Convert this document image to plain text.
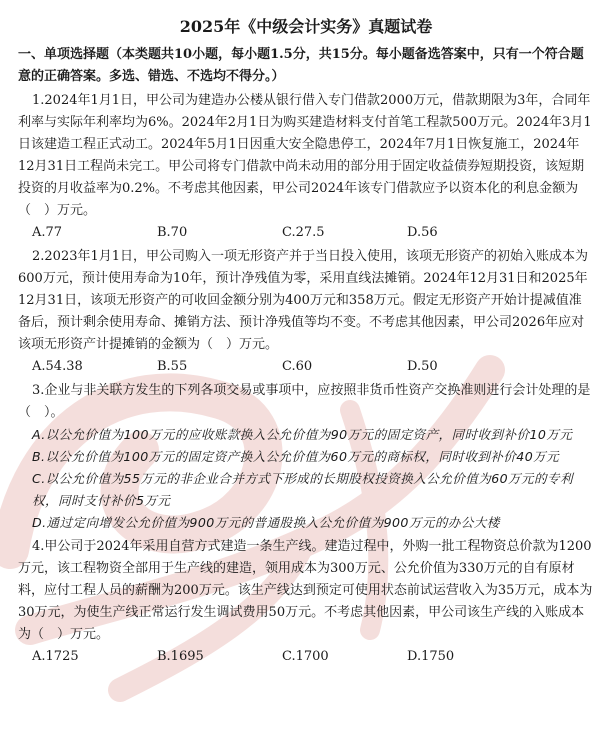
2025年《中级会计实务》真题试卷
一、单项选择题（本类题共10小题，每小题1.5分，共15分。每小题备选答案中，只有一个符合题意的正确答案。多选、错选、不选均不得分。）
1.2024年1月1日，甲公司为建造办公楼从银行借入专门借款2000万元，借款期限为3年，合同年利率与实际年利率均为6%。2024年2月1日为购买建造材料支付首笔工程款500万元。2024年3月1日该建造工程正式动工。2024年5月1日因重大安全隐患停工，2024年7月1日恢复施工，2024年12月31日工程尚未完工。甲公司将专门借款中尚未动用的部分用于固定收益债券短期投资，该短期投资的月收益率为0.2%。不考虑其他因素，甲公司2024年该专门借款应予以资本化的利息金额为（　）万元。
A.77	B.70	C.27.5	D.56
2.2023年1月1日，甲公司购入一项无形资产并于当日投入使用，该项无形资产的初始入账成本为600万元，预计使用寿命为10年，预计净残值为零，采用直线法摊销。2024年12月31日和2025年12月31日，该项无形资产的可收回金额分别为400万元和358万元。假定无形资产开始计提减值准备后，预计剩余使用寿命、摊销方法、预计净残值等均不变。不考虑其他因素，甲公司2026年应对该项无形资产计提摊销的金额为（　）万元。
A.54.38	B.55	C.60	D.50
3.企业与非关联方发生的下列各项交易或事项中，应按照非货币性资产交换准则进行会计处理的是（　）。
A.以公允价值为100万元的应收账款换入公允价值为90万元的固定资产，同时收到补价10万元
B.以公允价值为100万元的固定资产换入公允价值为60万元的商标权，同时收到补价40万元
C.以公允价值为55万元的非企业合并方式下形成的长期股权投资换入公允价值为60万元的专利权，同时支付补价5万元
D.通过定向增发公允价值为900万元的普通股换入公允价值为900万元的办公大楼
4.甲公司于2024年采用自营方式建造一条生产线。建造过程中，外购一批工程物资总价款为1200万元，该工程物资全部用于生产线的建造，领用成本为300万元、公允价值为330万元的自有原材料，应付工程人员的薪酬为200万元。该生产线达到预定可使用状态前试运营收入为35万元，成本为30万元，为使生产线正常运行发生调试费用50万元。不考虑其他因素，甲公司该生产线的入账成本为（　）万元。
A.1725	B.1695	C.1700	D.1750
